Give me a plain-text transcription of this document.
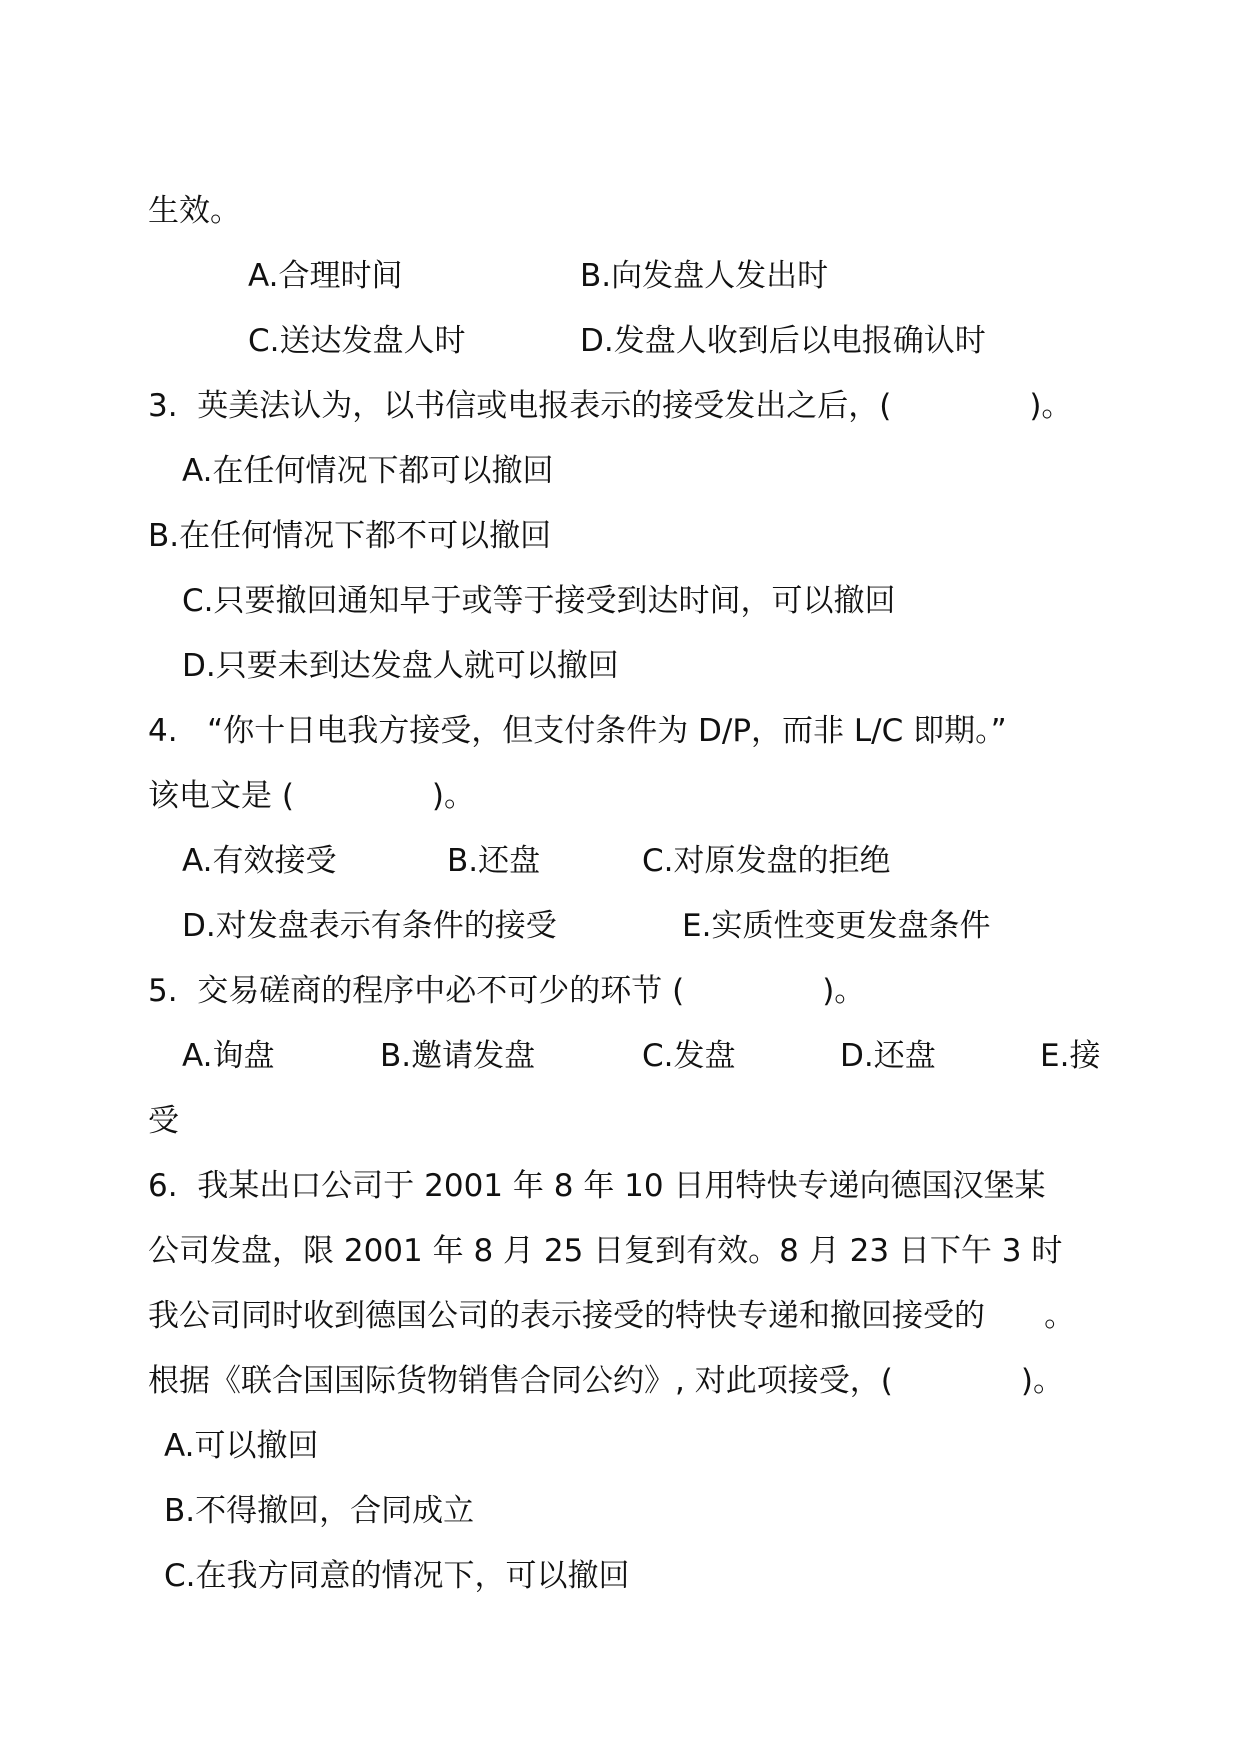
生效。

A.合理时间	B.向发盘人发出时

C.送达发盘人时	D.发盘人收到后以电报确认时

3.  英美法认为，以书信或电报表示的接受发出之后，(              )。

A.在任何情况下都可以撤回

B.在任何情况下都不可以撤回

C.只要撤回通知早于或等于接受到达时间，可以撤回

D.只要未到达发盘人就可以撤回

4.   “你十日电我方接受，但支付条件为 D/P，而非 L/C 即期。”

该电文是 (              )。

A.有效接受	B.还盘	C.对原发盘的拒绝

D.对发盘表示有条件的接受	E.实质性变更发盘条件

5.  交易磋商的程序中必不可少的环节 (              )。

A.询盘	B.邀请发盘	C.发盘	D.还盘	E.接

受

6.  我某出口公司于 2001 年 8 年 10 日用特快专递向德国汉堡某

公司发盘，限 2001 年 8 月 25 日复到有效。8 月 23 日下午 3 时

我公司同时收到德国公司的表示接受的特快专递和撤回接受的      。

根据《联合国国际货物销售合同公约》, 对此项接受，(             )。

A.可以撤回

B.不得撤回，合同成立

C.在我方同意的情况下，可以撤回
